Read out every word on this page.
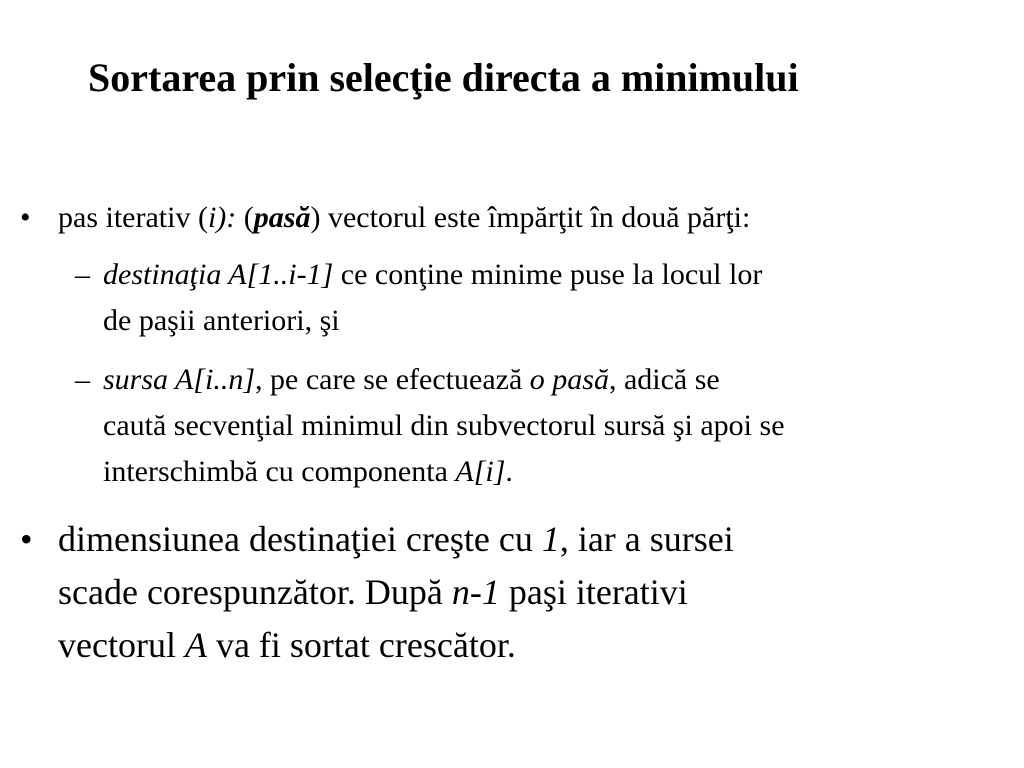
Sortarea prin selecţie directa a minimului
• pas iterativ (i): (pasă) vectorul este împărţit în două părţi:
– destinaţia A[1..i-1] ce conţine minime puse la locul lor
de paşii anteriori, şi
– sursa A[i..n], pe care se efectuează o pasă, adică se
caută secvenţial minimul din subvectorul sursă şi apoi se
interschimbă cu componenta A[i].
• dimensiunea destinaţiei creşte cu 1, iar a sursei
scade corespunzător. După n-1 paşi iterativi
vectorul A va fi sortat crescător.
